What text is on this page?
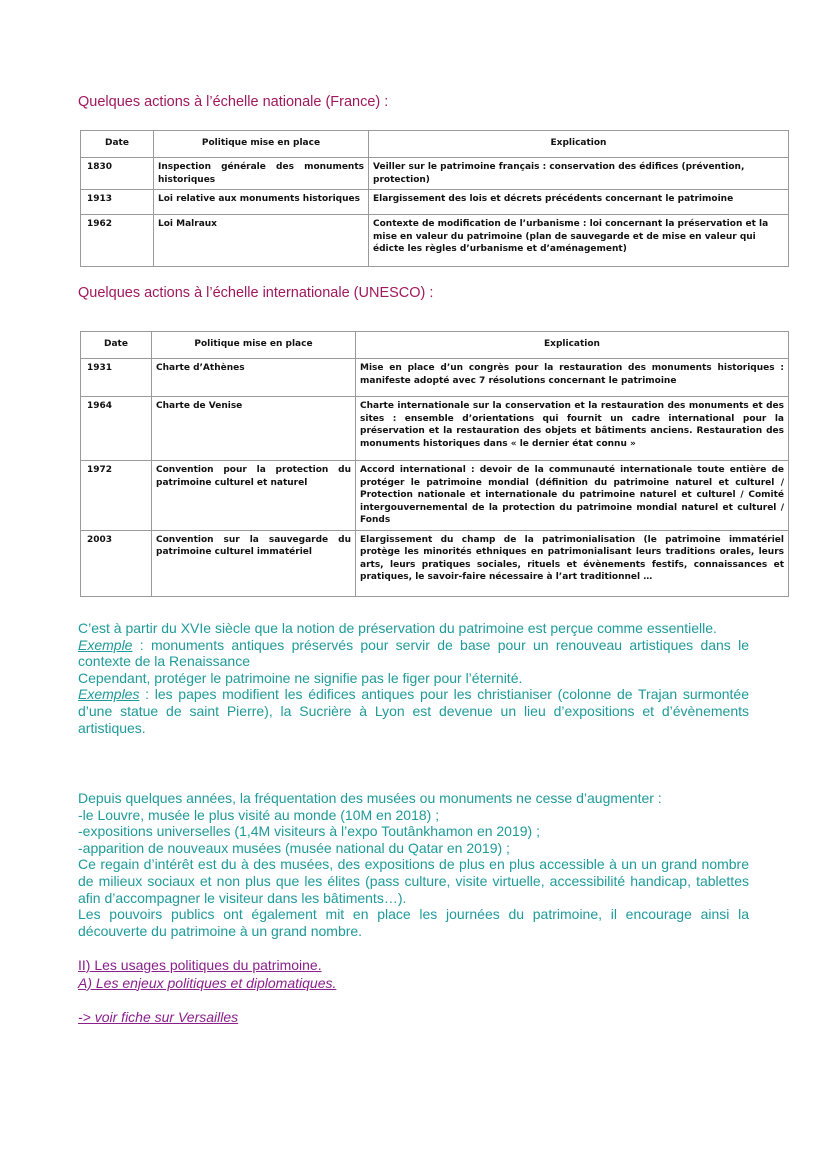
Quelques actions à l’échelle nationale (France) :
Date	Politique mise en place	Explication
1830	Inspection générale des monuments historiques	Veiller sur le patrimoine français : conservation des édifices (prévention, protection)
1913	Loi relative aux monuments historiques	Elargissement des lois et décrets précédents concernant le patrimoine
1962	Loi Malraux	Contexte de modification de l’urbanisme : loi concernant la préservation et la mise en valeur du patrimoine (plan de sauvegarde et de mise en valeur qui édicte les règles d’urbanisme et d’aménagement)
Quelques actions à l’échelle internationale (UNESCO) :
Date	Politique mise en place	Explication
1931	Charte d’Athènes	Mise en place d’un congrès pour la restauration des monuments historiques : manifeste adopté avec 7 résolutions concernant le patrimoine
1964	Charte de Venise	Charte internationale sur la conservation et la restauration des monuments et des sites : ensemble d’orientations qui fournit un cadre international pour la préservation et la restauration des objets et bâtiments anciens. Restauration des monuments historiques dans « le dernier état connu »
1972	Convention pour la protection du patrimoine culturel et naturel	Accord international : devoir de la communauté internationale toute entière de protéger le patrimoine mondial (définition du patrimoine naturel et culturel / Protection nationale et internationale du patrimoine naturel et culturel / Comité intergouvernemental de la protection du patrimoine mondial naturel et culturel / Fonds
2003	Convention sur la sauvegarde du patrimoine culturel immatériel	Elargissement du champ de la patrimonialisation (le patrimoine immatériel protège les minorités ethniques en patrimonialisant leurs traditions orales, leurs arts, leurs pratiques sociales, rituels et évènements festifs, connaissances et pratiques, le savoir-faire nécessaire à l’art traditionnel …

C’est à partir du XVIe siècle que la notion de préservation du patrimoine est perçue comme essentielle.

Exemple : monuments antiques préservés pour servir de base pour un renouveau artistiques dans le contexte de la Renaissance

Cependant, protéger le patrimoine ne signifie pas le figer pour l’éternité.

Exemples : les papes modifient les édifices antiques pour les christianiser (colonne de Trajan surmontée d’une statue de saint Pierre), la Sucrière à Lyon est devenue un lieu d’expositions et d’évènements artistiques.

Depuis quelques années, la fréquentation des musées ou monuments ne cesse d’augmenter :

-le Louvre, musée le plus visité au monde (10M en 2018) ;

-expositions universelles (1,4M visiteurs à l’expo Toutânkhamon en 2019) ;

-apparition de nouveaux musées (musée national du Qatar en 2019) ;

Ce regain d’intérêt est du à des musées, des expositions de plus en plus accessible à un un grand nombre de milieux sociaux et non plus que les élites (pass culture, visite virtuelle, accessibilité handicap, tablettes afin d’accompagner le visiteur dans les bâtiments…).

Les pouvoirs publics ont également mit en place les journées du patrimoine, il encourage ainsi la découverte du patrimoine à un grand nombre.

II) Les usages politiques du patrimoine.

A) Les enjeux politiques et diplomatiques.

-> voir fiche sur Versailles
